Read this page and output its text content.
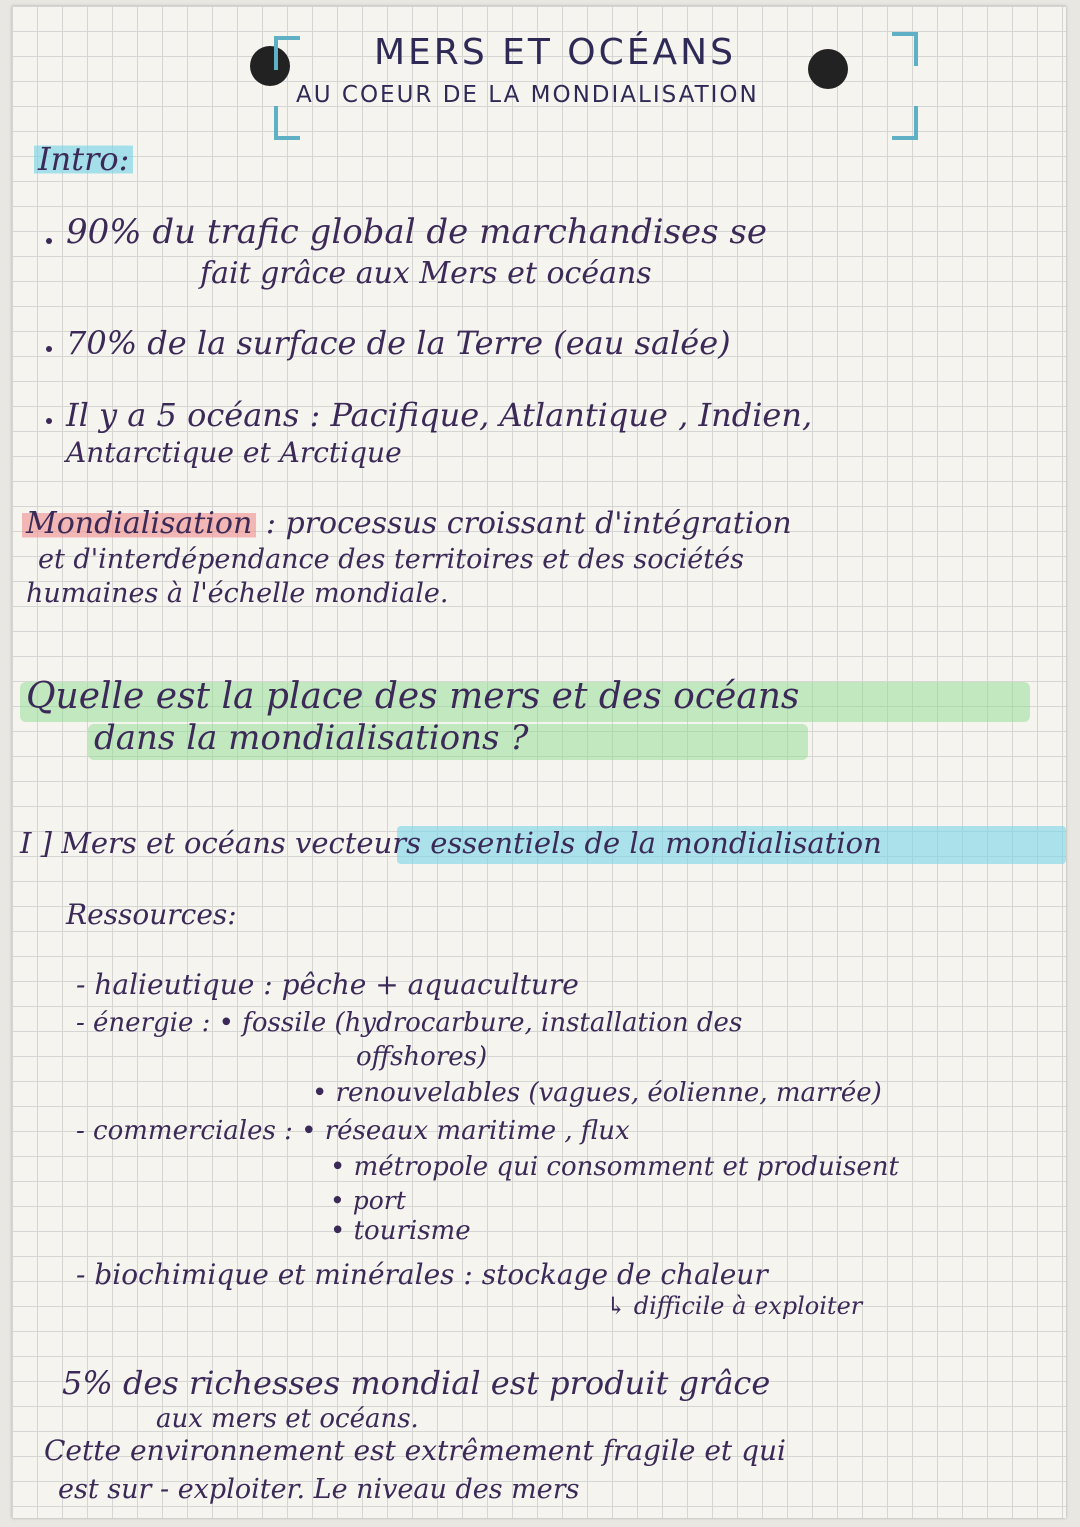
MERS ET OCÉANS
AU COEUR DE LA MONDIALISATION
Intro:
90% du trafic global de marchandises se
fait grâce aux Mers et océans
70% de la surface de la Terre (eau salée)
Il y a 5 océans : Pacifique, Atlantique , Indien,
Antarctique et Arctique
Mondialisation : processus croissant d'intégration
et d'interdépendance des territoires et des sociétés
humaines à l'échelle mondiale.
Quelle est la place des mers et des océans
dans la mondialisations ?
I ] Mers et océans vecteurs essentiels de la mondialisation
Ressources:
- halieutique : pêche + aquaculture
- énergie : • fossile (hydrocarbure, installation des
offshores)
• renouvelables (vagues, éolienne, marrée)
- commerciales : • réseaux maritime , flux
• métropole qui consomment et produisent
• port
• tourisme
- biochimique et minérales : stockage de chaleur
↳ difficile à exploiter
5% des richesses mondial est produit grâce
aux mers et océans.
Cette environnement est extrêmement fragile et qui
est sur - exploiter. Le niveau des mers
